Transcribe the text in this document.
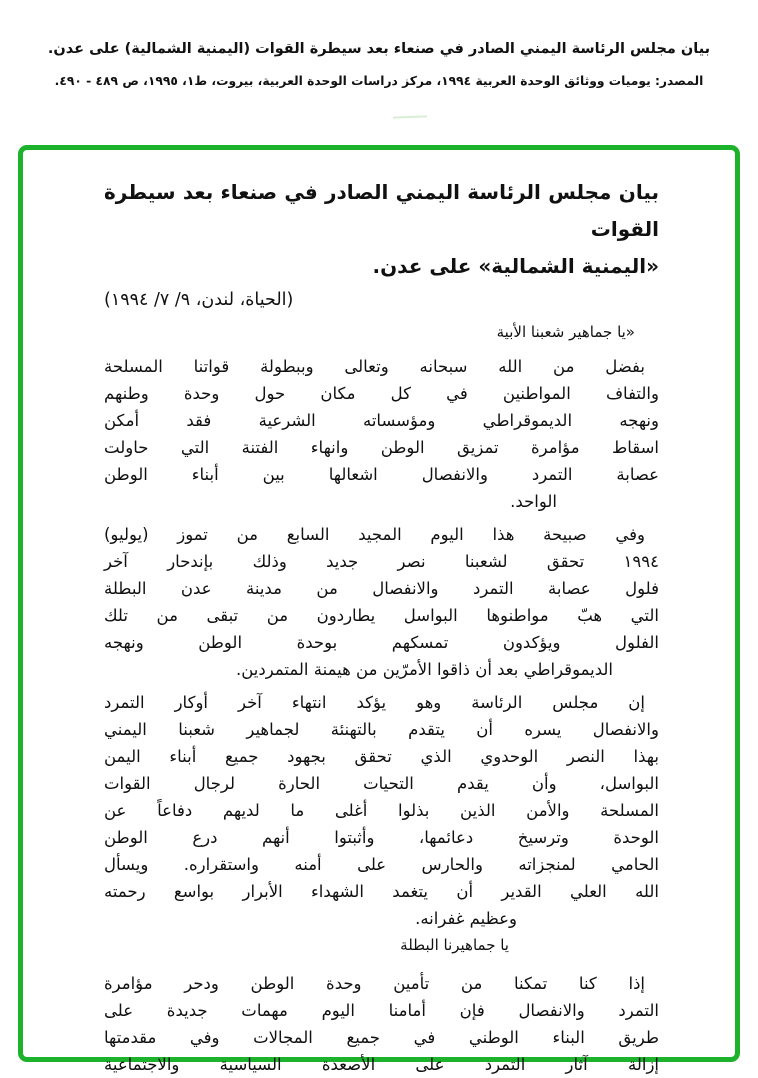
بيان مجلس الرئاسة اليمني الصادر في صنعاء بعد سيطرة القوات (اليمنية الشمالية) على عدن.
المصدر: يوميات ووثائق الوحدة العربية ١٩٩٤، مركز دراسات الوحدة العربية، بيروت، ط١، ١٩٩٥، ص ٤٨٩ - ٤٩٠.
بيان مجلس الرئاسة اليمني الصادر في صنعاء بعد سيطرة القوات
«اليمنية الشمالية» على عدن.
(الحياة، لندن، ٩/ ٧/ ١٩٩٤)
«يا جماهير شعبنا الأبية
بفضل من الله سبحانه وتعالى وببطولة قواتنا المسلحة
والتفاف المواطنين في كل مكان حول وحدة وطنهم
ونهجه الديموقراطي ومؤسساته الشرعية فقد أمكن
اسقاط مؤامرة تمزيق الوطن وانهاء الفتنة التي حاولت
عصابة التمرد والانفصال اشعالها بين أبناء الوطن
الواحد.
وفي صبيحة هذا اليوم المجيد السابع من تموز (يوليو)
١٩٩٤ تحقق لشعبنا نصر جديد وذلك بإندحار آخر
فلول عصابة التمرد والانفصال من مدينة عدن البطلة
التي هبّ مواطنوها البواسل يطاردون من تبقى من تلك
الفلول ويؤكدون تمسكهم بوحدة الوطن ونهجه
الديموقراطي بعد أن ذاقوا الأمرّين من هيمنة المتمردين.
إن مجلس الرئاسة وهو يؤكد انتهاء آخر أوكار التمرد
والانفصال يسره أن يتقدم بالتهنئة لجماهير شعبنا اليمني
بهذا النصر الوحدوي الذي تحقق بجهود جميع أبناء اليمن
البواسل، وأن يقدم التحيات الحارة لرجال القوات
المسلحة والأمن الذين بذلوا أغلى ما لديهم دفاعاً عن
الوحدة وترسيخ دعائمها، وأثبتوا أنهم درع الوطن
الحامي لمنجزاته والحارس على أمنه واستقراره. ويسأل
الله العلي القدير أن يتغمد الشهداء الأبرار بواسع رحمته
وعظيم غفرانه.
يا جماهيرنا البطلة
إذا كنا تمكنا من تأمين وحدة الوطن ودحر مؤامرة
التمرد والانفصال فإن أمامنا اليوم مهمات جديدة على
طريق البناء الوطني في جميع المجالات وفي مقدمتها
إزالة آثار التمرد على الأصعدة السياسية والاجتماعية
